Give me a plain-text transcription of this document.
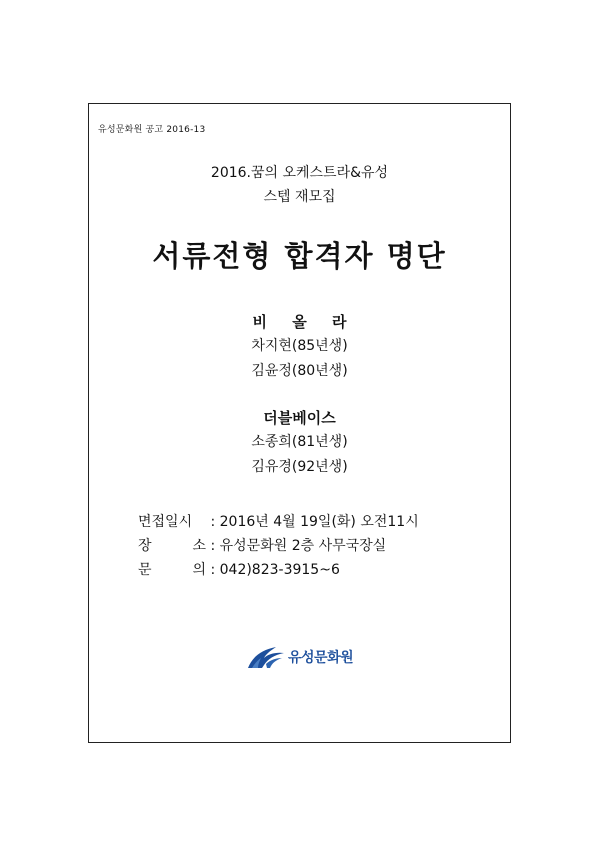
유성문화원 공고 2016-13
2016.꿈의 오케스트라&유성
스텝 재모집
서류전형 합격자 명단
비 올 라
차지현(85년생)
김윤정(80년생)
더블베이스
소종희(81년생)
김유경(92년생)
면접일시 : 2016년 4월 19일(화) 오전11시
장	소 : 유성문화원 2층 사무국장실
문	의 : 042)823-3915~6
유성문화원
